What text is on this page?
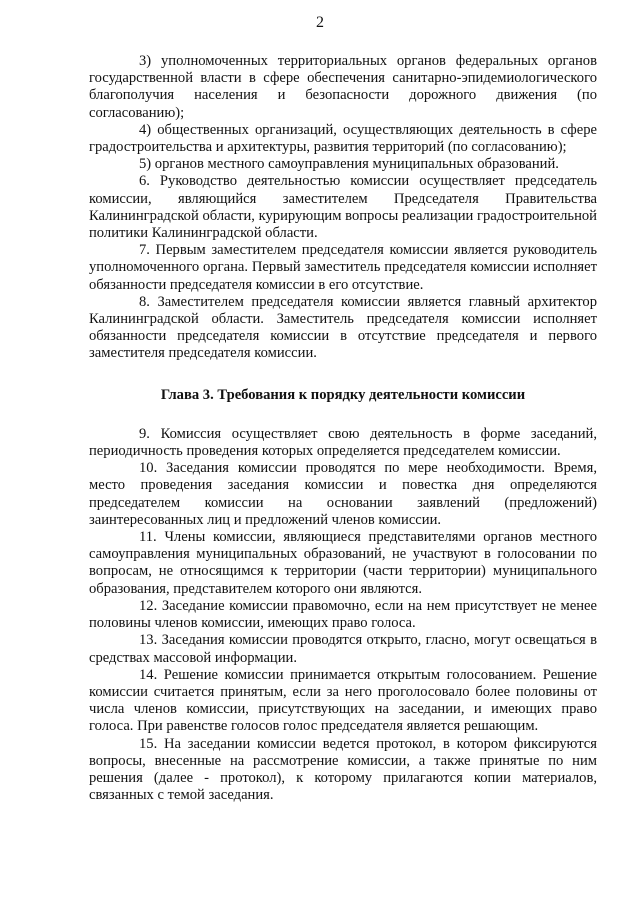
2

3) уполномоченных территориальных органов федеральных органов государственной власти в сфере обеспечения санитарно-эпидемиологического благополучия населения и безопасности дорожного движения (по согласованию);

4) общественных организаций, осуществляющих деятельность в сфере градостроительства и архитектуры, развития территорий (по согласованию);

5) органов местного самоуправления муниципальных образований.

6. Руководство деятельностью комиссии осуществляет председатель комиссии, являющийся заместителем Председателя Правительства Калининградской области, курирующим вопросы реализации градостроительной политики Калининградской области.

7. Первым заместителем председателя комиссии является руководитель уполномоченного органа. Первый заместитель председателя комиссии исполняет обязанности председателя комиссии в его отсутствие.

8. Заместителем председателя комиссии является главный архитектор Калининградской области. Заместитель председателя комиссии исполняет обязанности председателя комиссии в отсутствие председателя и первого заместителя председателя комиссии.

Глава 3. Требования к порядку деятельности комиссии

9. Комиссия осуществляет свою деятельность в форме заседаний, периодичность проведения которых определяется председателем комиссии.

10. Заседания комиссии проводятся по мере необходимости. Время, место проведения заседания комиссии и повестка дня определяются председателем комиссии на основании заявлений (предложений) заинтересованных лиц и предложений членов комиссии.

11. Члены комиссии, являющиеся представителями органов местного самоуправления муниципальных образований, не участвуют в голосовании по вопросам, не относящимся к территории (части территории) муниципального образования, представителем которого они являются.

12. Заседание комиссии правомочно, если на нем присутствует не менее половины членов комиссии, имеющих право голоса.

13. Заседания комиссии проводятся открыто, гласно, могут освещаться в средствах массовой информации.

14. Решение комиссии принимается открытым голосованием. Решение комиссии считается принятым, если за него проголосовало более половины от числа членов комиссии, присутствующих на заседании, и имеющих право голоса. При равенстве голосов голос председателя является решающим.

15. На заседании комиссии ведется протокол, в котором фиксируются вопросы, внесенные на рассмотрение комиссии, а также принятые по ним решения (далее - протокол), к которому прилагаются копии материалов, связанных с темой заседания.
